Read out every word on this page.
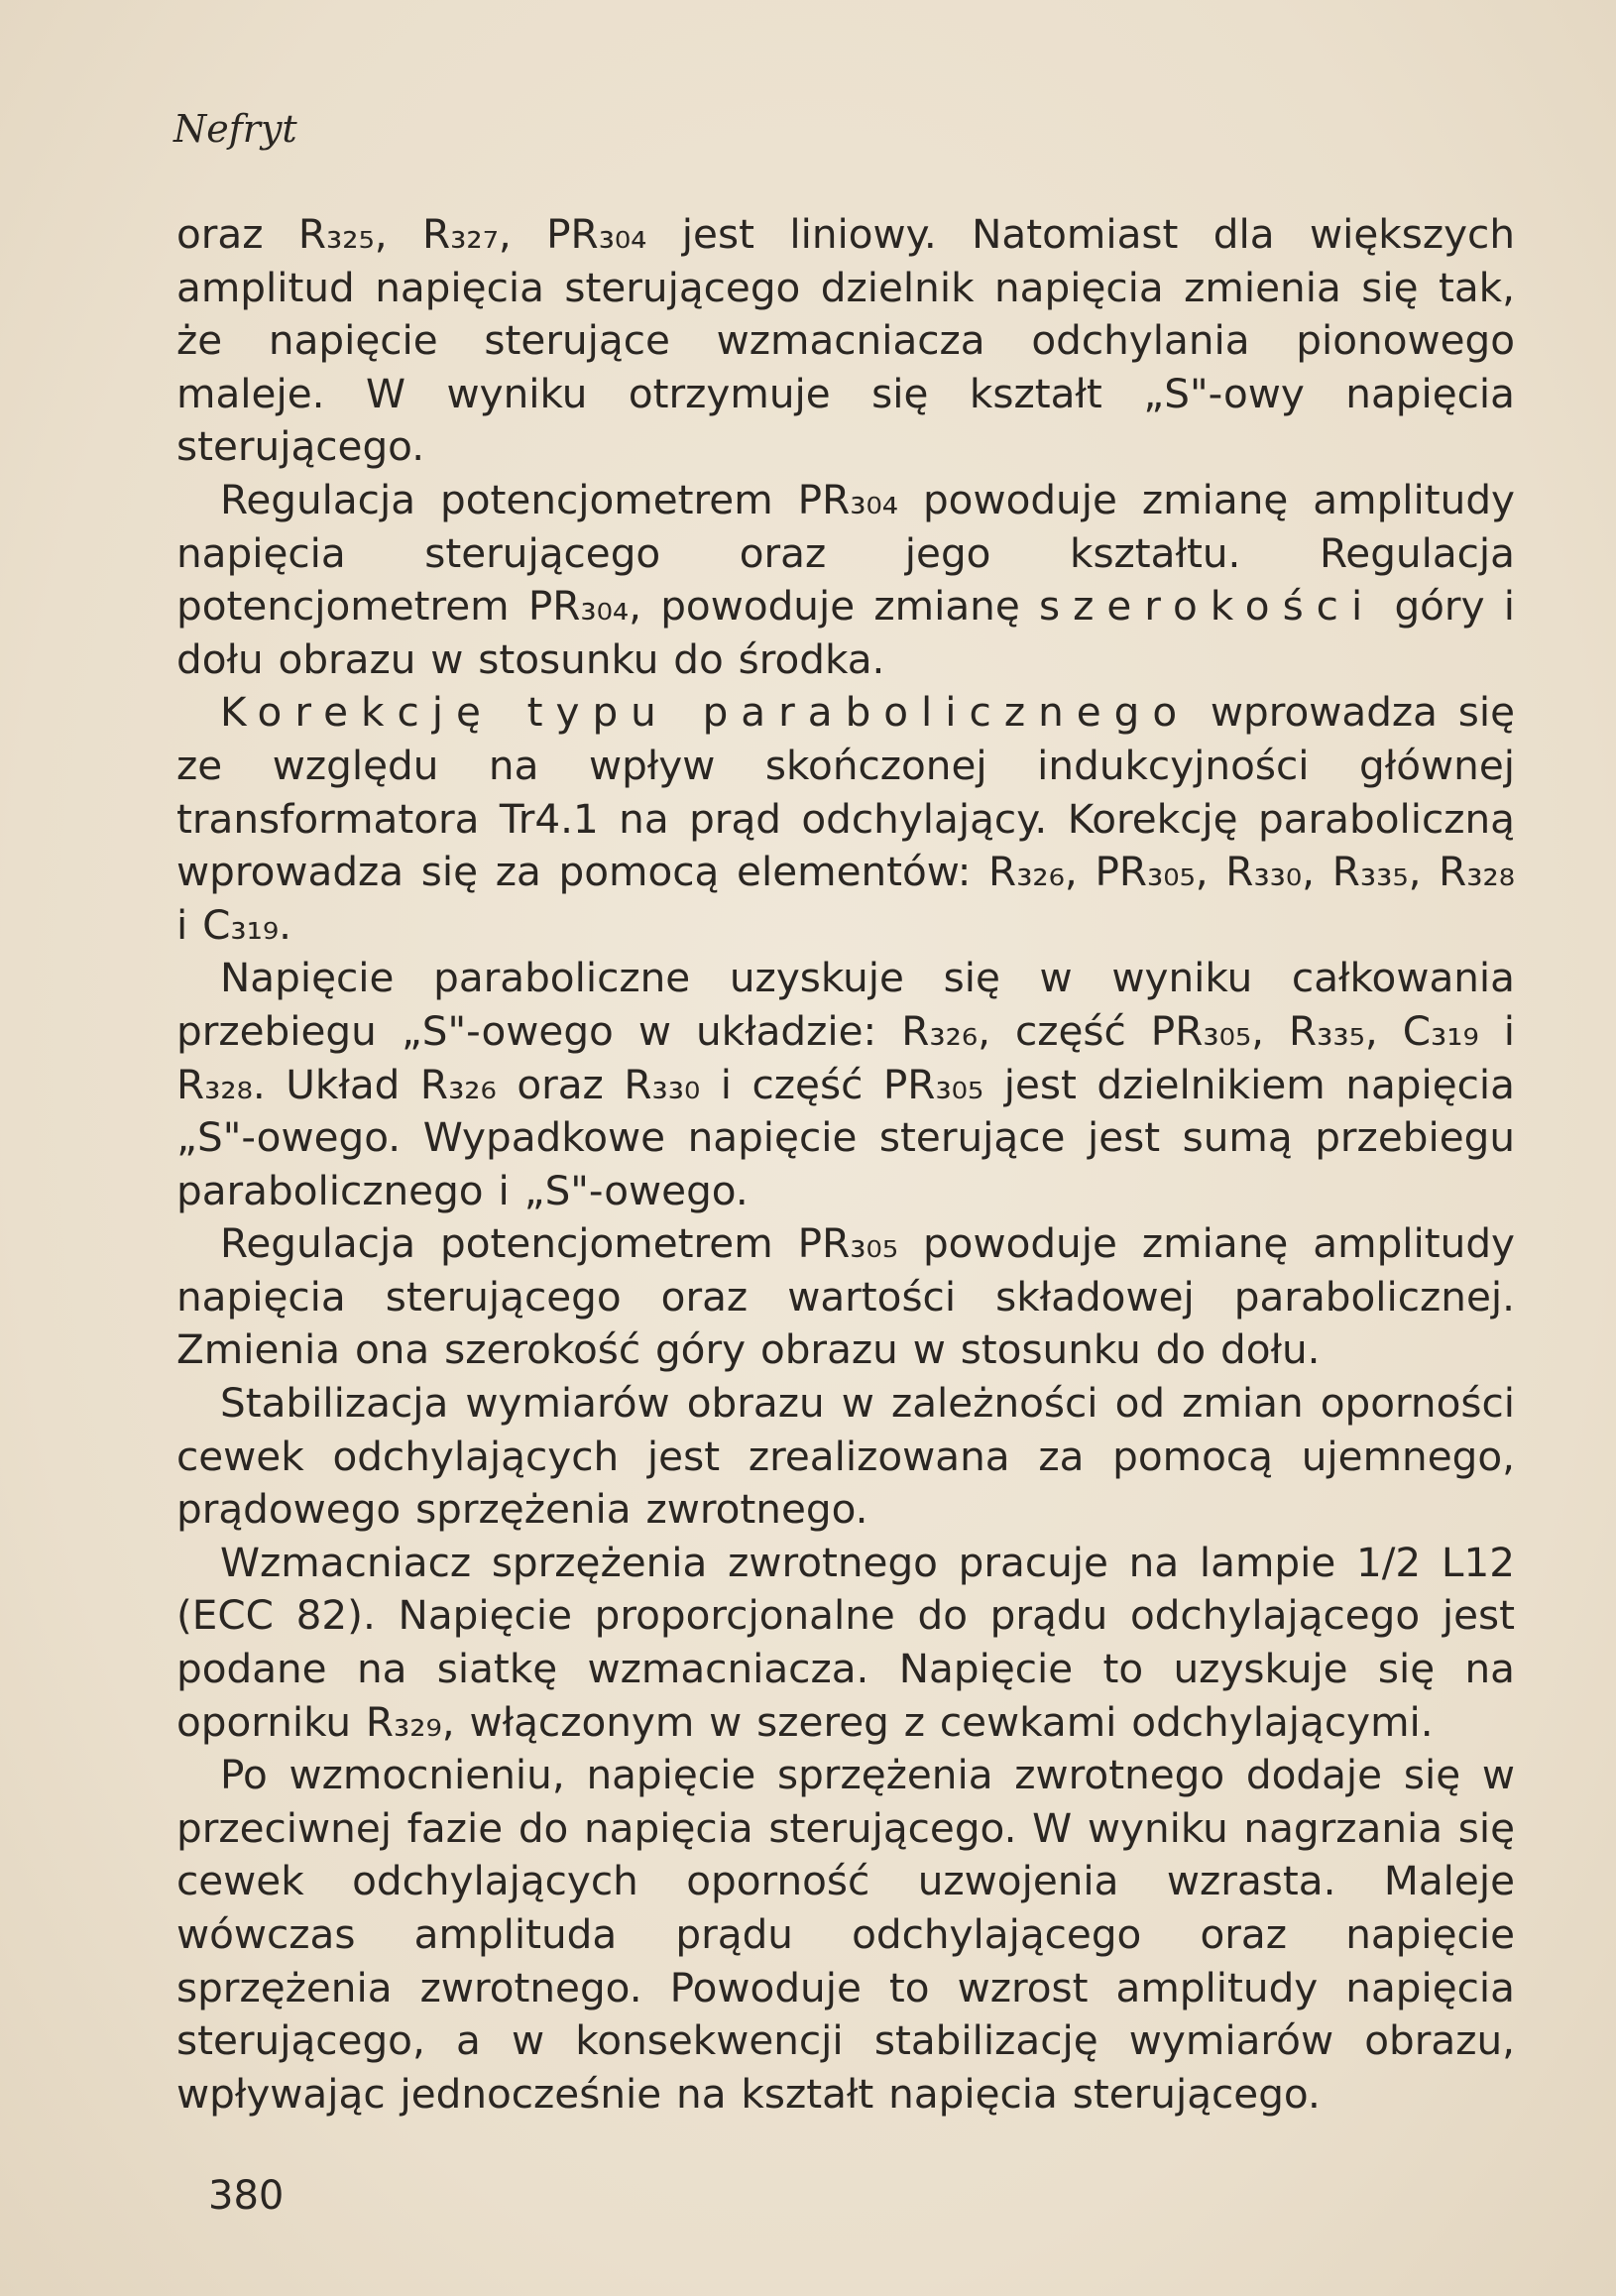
Nefryt

oraz R₃₂₅, R₃₂₇, PR₃₀₄ jest liniowy. Natomiast dla większych amplitud napięcia sterującego dzielnik napięcia zmienia się tak, że napięcie sterujące wzmacniacza odchylania pionowego maleje. W wyniku otrzymuje się kształt „S"-owy napięcia sterującego.

Regulacja potencjometrem PR₃₀₄ powoduje zmianę amplitudy napięcia sterującego oraz jego kształtu. Regulacja potencjometrem PR₃₀₄, powoduje zmianę szerokości góry i dołu obrazu w stosunku do środka.

Korekcję typu parabolicznego wprowadza się ze względu na wpływ skończonej indukcyjności głównej transformatora Tr4.1 na prąd odchylający. Korekcję paraboliczną wprowadza się za pomocą elementów: R₃₂₆, PR₃₀₅, R₃₃₀, R₃₃₅, R₃₂₈ i C₃₁₉.

Napięcie paraboliczne uzyskuje się w wyniku całkowania przebiegu „S"-owego w układzie: R₃₂₆, część PR₃₀₅, R₃₃₅, C₃₁₉ i R₃₂₈. Układ R₃₂₆ oraz R₃₃₀ i część PR₃₀₅ jest dzielnikiem napięcia „S"-owego. Wypadkowe napięcie sterujące jest sumą przebiegu parabolicznego i „S"-owego.

Regulacja potencjometrem PR₃₀₅ powoduje zmianę amplitudy napięcia sterującego oraz wartości składowej parabolicznej. Zmienia ona szerokość góry obrazu w stosunku do dołu.

Stabilizacja wymiarów obrazu w zależności od zmian oporności cewek odchylających jest zrealizowana za pomocą ujemnego, prądowego sprzężenia zwrotnego.

Wzmacniacz sprzężenia zwrotnego pracuje na lampie 1/2 L12 (ECC 82). Napięcie proporcjonalne do prądu odchylającego jest podane na siatkę wzmacniacza. Napięcie to uzyskuje się na oporniku R₃₂₉, włączonym w szereg z cewkami odchylającymi.

Po wzmocnieniu, napięcie sprzężenia zwrotnego dodaje się w przeciwnej fazie do napięcia sterującego. W wyniku nagrzania się cewek odchylających oporność uzwojenia wzrasta. Maleje wówczas amplituda prądu odchylającego oraz napięcie sprzężenia zwrotnego. Powoduje to wzrost amplitudy napięcia sterującego, a w konsekwencji stabilizację wymiarów obrazu, wpływając jednocześnie na kształt napięcia sterującego.

380
